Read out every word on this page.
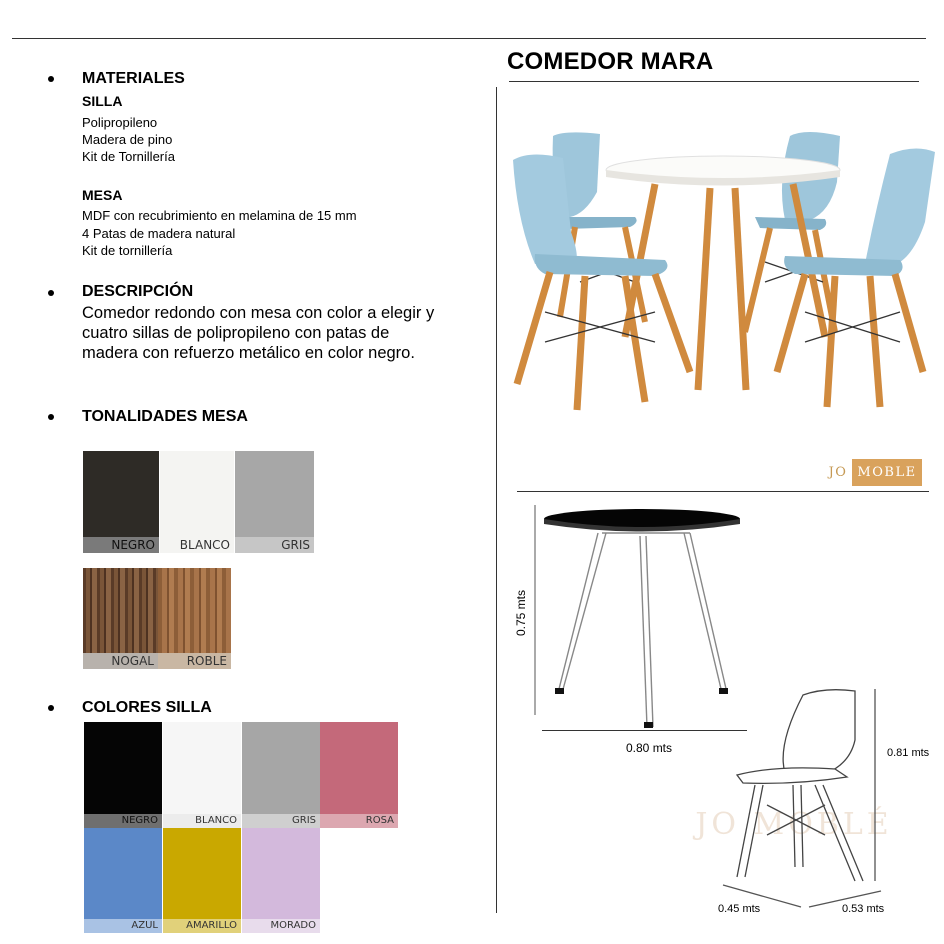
MATERIALES
SILLA
Polipropileno
Madera de pino
Kit de Tornillería
MESA
MDF con recubrimiento en melamina de 15 mm
4 Patas de madera natural
Kit de tornillería
DESCRIPCIÓN
Comedor redondo con mesa con color a elegir y
cuatro sillas de polipropileno con patas de
madera con refuerzo metálico en color negro.
TONALIDADES MESA
NEGRO	BLANCO	GRIS
NOGAL	ROBLE
COLORES SILLA
NEGRO	BLANCO	GRIS	ROSA
AZUL	AMARILLO	MORADO
COMEDOR MARA
JO MOBLE
0.75 mts
0.80 mts
JO MOBLÉ
0.81 mts
0.45 mts	0.53 mts
